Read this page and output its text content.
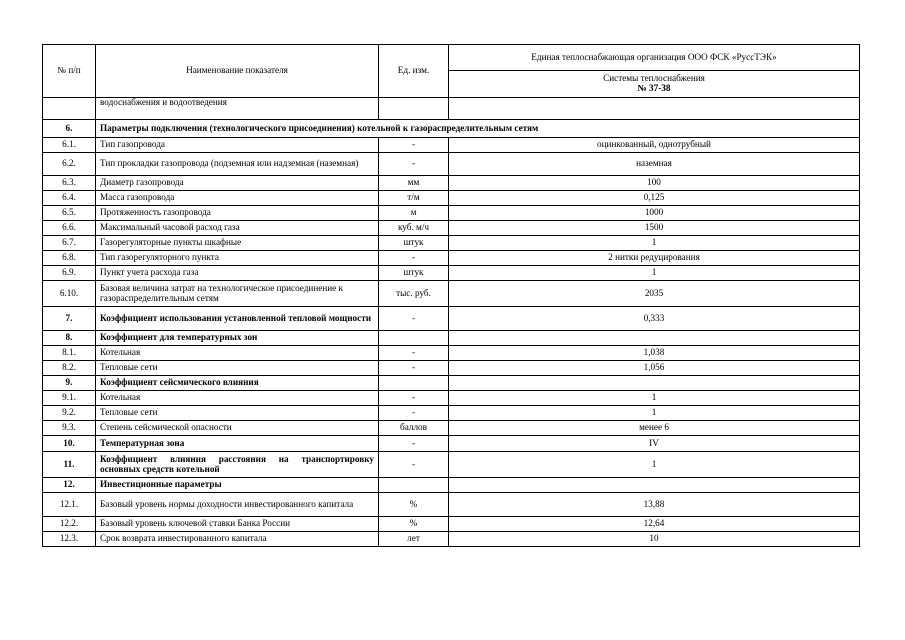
№ п/п	Наименование показателя	Ед. изм.	Единая теплоснабжающая организация ООО ФСК «РуссТЭК»
			Системы теплоснабжения
№ 37-38

	водоснабжения и водоотведения		
6.	Параметры подключения (технологического присоединения) котельной к газораспределительным сетям		
6.1.	Тип газопровода	-	оцинкованный, однотрубный
6.2.	Тип прокладки газопровода (подземная или надземная (наземная)	-	наземная
6.3.	Диаметр газопровода	мм	100
6.4.	Масса газопровода	т/м	0,125
6.5.	Протяженность газопровода	м	1000
6.6.	Максимальный часовой расход газа	куб. м/ч	1500
6.7.	Газорегуляторные пункты шкафные	штук	1
6.8.	Тип газорегуляторного пункта	-	2 нитки редуцирования
6.9.	Пункт учета расхода газа	штук	1
6.10.	Базовая величина затрат на технологическое присоединение к газораспределительным сетям	тыс. руб.	2035
7.	Коэффициент использования установленной тепловой мощности	-	0,333
8.	Коэффициент для температурных зон		
8.1.	Котельная	-	1,038
8.2.	Тепловые сети	-	1,056
9.	Коэффициент сейсмического влияния		
9.1.	Котельная	-	1
9.2.	Тепловые сети	-	1
9.3.	Степень сейсмической опасности	баллов	менее 6
10.	Температурная зона	-	IV
11.	Коэффициент влияния расстояния на транспортировку основных средств котельной	-	1
12.	Инвестиционные параметры		
12.1.	Базовый уровень нормы доходности инвестированного капитала	%	13,88
12.2.	Базовый уровень ключевой ставки Банка России	%	12,64
12.3.	Срок возврата инвестированного капитала	лет	10
